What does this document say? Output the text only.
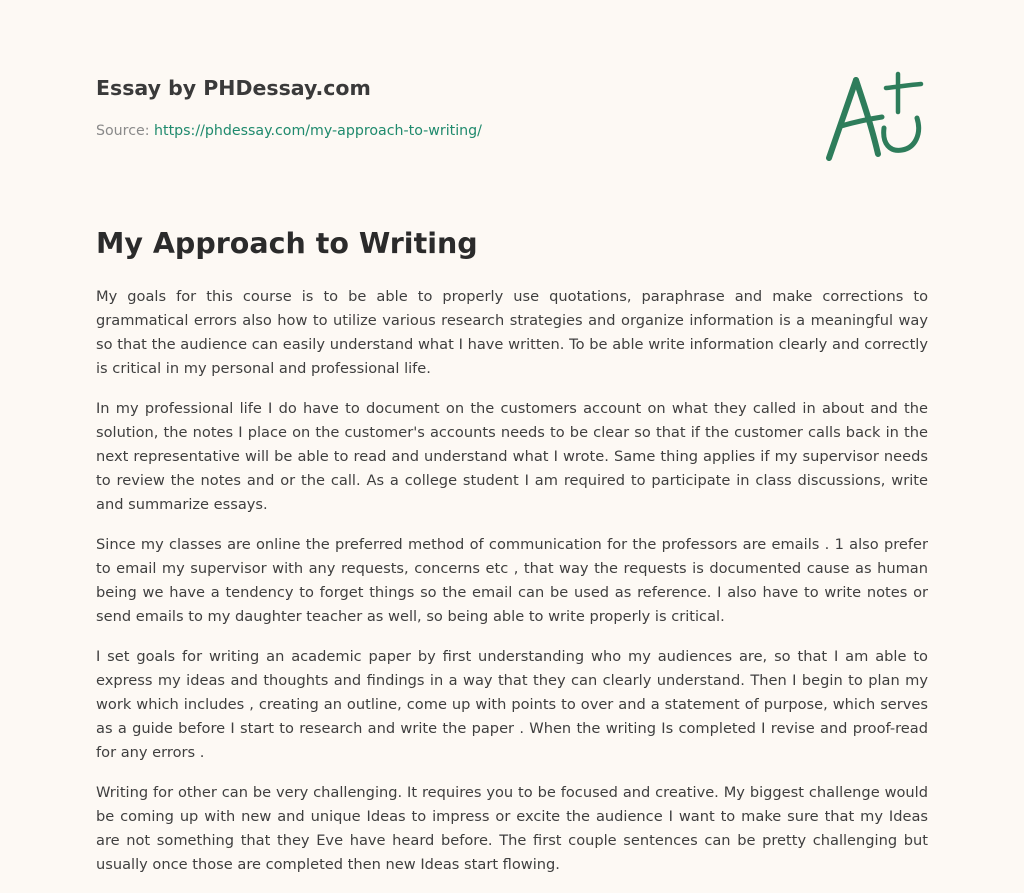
Essay by PHDessay.com
Source: https://phdessay.com/my-approach-to-writing/
My Approach to Writing

My goals for this course is to be able to properly use quotations, paraphrase and make corrections to grammatical errors also how to utilize various research strategies and organize information is a meaningful way so that the audience can easily understand what I have written. To be able write information clearly and correctly is critical in my personal and professional life.

In my professional life I do have to document on the customers account on what they called in about and the solution, the notes I place on the customer's accounts needs to be clear so that if the customer calls back in the next representative will be able to read and understand what I wrote. Same thing applies if my supervisor needs to review the notes and or the call. As a college student I am required to participate in class discussions, write and summarize essays.

Since my classes are online the preferred method of communication for the professors are emails . 1 also prefer to email my supervisor with any requests, concerns etc , that way the requests is documented cause as human being we have a tendency to forget things so the email can be used as reference. I also have to write notes or send emails to my daughter teacher as well, so being able to write properly is critical.

I set goals for writing an academic paper by first understanding who my audiences are, so that I am able to express my ideas and thoughts and findings in a way that they can clearly understand. Then I begin to plan my work which includes , creating an outline, come up with points to over and a statement of purpose, which serves as a guide before I start to research and write the paper . When the writing Is completed I revise and proof-read for any errors .

Writing for other can be very challenging. It requires you to be focused and creative. My biggest challenge would be coming up with new and unique Ideas to impress or excite the audience I want to make sure that my Ideas are not something that they Eve have heard before. The first couple sentences can be pretty challenging but usually once those are completed then new Ideas start flowing.
